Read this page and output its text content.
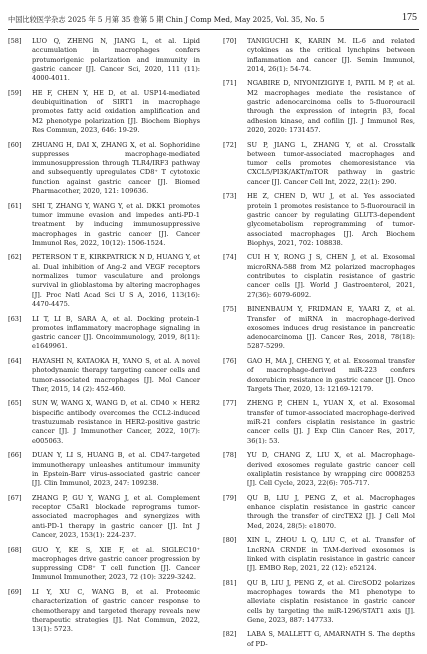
中国比较医学杂志 2025 年 5 月第 35 卷第 5 期 Chin J Comp Med, May 2025, Vol. 35, No. 5	175
[58] LUO Q, ZHENG N, JIANG L, et al. Lipid accumulation in macrophages confers protumorigenic polarization and immunity in gastric cancer [J]. Cancer Sci, 2020, 111 (11): 4000-4011.
[59] HE F, CHEN Y, HE D, et al. USP14-mediated deubiquitination of SIRT1 in macrophage promotes fatty acid oxidation amplification and M2 phenotype polarization [J]. Biochem Biophys Res Commun, 2023, 646: 19-29.
[60] ZHUANG H, DAI X, ZHANG X, et al. Sophoridine suppresses macrophage-mediated immunosuppression through TLR4/IRF3 pathway and subsequently upregulates CD8⁺ T cytotoxic function against gastric cancer [J]. Biomed Pharmacother, 2020, 121: 109636.
[61] SHI T, ZHANG Y, WANG Y, et al. DKK1 promotes tumor immune evasion and impedes anti-PD-1 treatment by inducing immunosuppressive macrophages in gastric cancer [J]. Cancer Immunol Res, 2022, 10(12): 1506-1524.
[62] PETERSON T E, KIRKPATRICK N D, HUANG Y, et al. Dual inhibition of Ang-2 and VEGF receptors normalizes tumor vasculature and prolongs survival in glioblastoma by altering macrophages [J]. Proc Natl Acad Sci U S A, 2016, 113(16): 4470-4475.
[63] LI T, LI B, SARA A, et al. Docking protein-1 promotes inflammatory macrophage signaling in gastric cancer [J]. Oncoimmunology, 2019, 8(11): e1649961.
[64] HAYASHI N, KATAOKA H, YANO S, et al. A novel photodynamic therapy targeting cancer cells and tumor-associated macrophages [J]. Mol Cancer Ther, 2015, 14 (2): 452-460.
[65] SUN W, WANG X, WANG D, et al. CD40 × HER2 bispecific antibody overcomes the CCL2-induced trastuzumab resistance in HER2-positive gastric cancer [J]. J Immunother Cancer, 2022, 10(7): e005063.
[66] DUAN Y, LI S, HUANG B, et al. CD47-targeted immunotherapy unleashes antitumour immunity in Epstein-Barr virus-associated gastric cancer [J]. Clin Immunol, 2023, 247: 109238.
[67] ZHANG P, GU Y, WANG J, et al. Complement receptor C5aR1 blockade reprograms tumor-associated macrophages and synergizes with anti-PD-1 therapy in gastric cancer [J]. Int J Cancer, 2023, 153(1): 224-237.
[68] GUO Y, KE S, XIE F, et al. SIGLEC10⁺ macrophages drive gastric cancer progression by suppressing CD8⁺ T cell function [J]. Cancer Immunol Immunother, 2023, 72 (10): 3229-3242.
[69] LI Y, XU C, WANG B, et al. Proteomic characterization of gastric cancer response to chemotherapy and targeted therapy reveals new therapeutic strategies [J]. Nat Commun, 2022, 13(1): 5723.
[70] TANIGUCHI K, KARIN M. IL-6 and related cytokines as the critical lynchpins between inflammation and cancer [J]. Semin Immunol, 2014, 26(1): 54-74.
[71] NGABIRE D, NIYONIZIGIYE I, PATIL M P, et al. M2 macrophages mediate the resistance of gastric adenocarcinoma cells to 5-fluorouracil through the expression of integrin β3, focal adhesion kinase, and cofilin [J]. J Immunol Res, 2020, 2020: 1731457.
[72] SU P, JIANG L, ZHANG Y, et al. Crosstalk between tumor-associated macrophages and tumor cells promotes chemoresistance via CXCL5/PI3K/AKT/mTOR pathway in gastric cancer [J]. Cancer Cell Int, 2022, 22(1): 290.
[73] HE Z, CHEN D, WU J, et al. Yes associated protein 1 promotes resistance to 5-fluorouracil in gastric cancer by regulating GLUT3-dependent glycometabolism reprogramming of tumor-associated macrophages [J]. Arch Biochem Biophys, 2021, 702: 108838.
[74] CUI H Y, RONG J S, CHEN J, et al. Exosomal microRNA-588 from M2 polarized macrophages contributes to cisplatin resistance of gastric cancer cells [J]. World J Gastroenterol, 2021, 27(36): 6079-6092.
[75] BINENBAUM Y, FRIDMAN E, YAARI Z, et al. Transfer of miRNA in macrophage-derived exosomes induces drug resistance in pancreatic adenocarcinoma [J]. Cancer Res, 2018, 78(18): 5287-5299.
[76] GAO H, MA J, CHENG Y, et al. Exosomal transfer of macrophage-derived miR-223 confers doxorubicin resistance in gastric cancer [J]. Onco Targets Ther, 2020, 13: 12169-12179.
[77] ZHENG P, CHEN L, YUAN X, et al. Exosomal transfer of tumor-associated macrophage-derived miR-21 confers cisplatin resistance in gastric cancer cells [J]. J Exp Clin Cancer Res, 2017, 36(1): 53.
[78] YU D, CHANG Z, LIU X, et al. Macrophage-derived exosomes regulate gastric cancer cell oxaliplatin resistance by wrapping circ 0008253 [J]. Cell Cycle, 2023, 22(6): 705-717.
[79] QU B, LIU J, PENG Z, et al. Macrophages enhance cisplatin resistance in gastric cancer through the transfer of circTEX2 [J]. J Cell Mol Med, 2024, 28(5): e18070.
[80] XIN L, ZHOU L Q, LIU C, et al. Transfer of LncRNA CRNDE in TAM-derived exosomes is linked with cisplatin resistance in gastric cancer [J]. EMBO Rep, 2021, 22 (12): e52124.
[81] QU B, LIU J, PENG Z, et al. CircSOD2 polarizes macrophages towards the M1 phenotype to alleviate cisplatin resistance in gastric cancer cells by targeting the miR-1296/STAT1 axis [J]. Gene, 2023, 887: 147733.
[82] LABA S, MALLETT G, AMARNATH S. The depths of PD-
